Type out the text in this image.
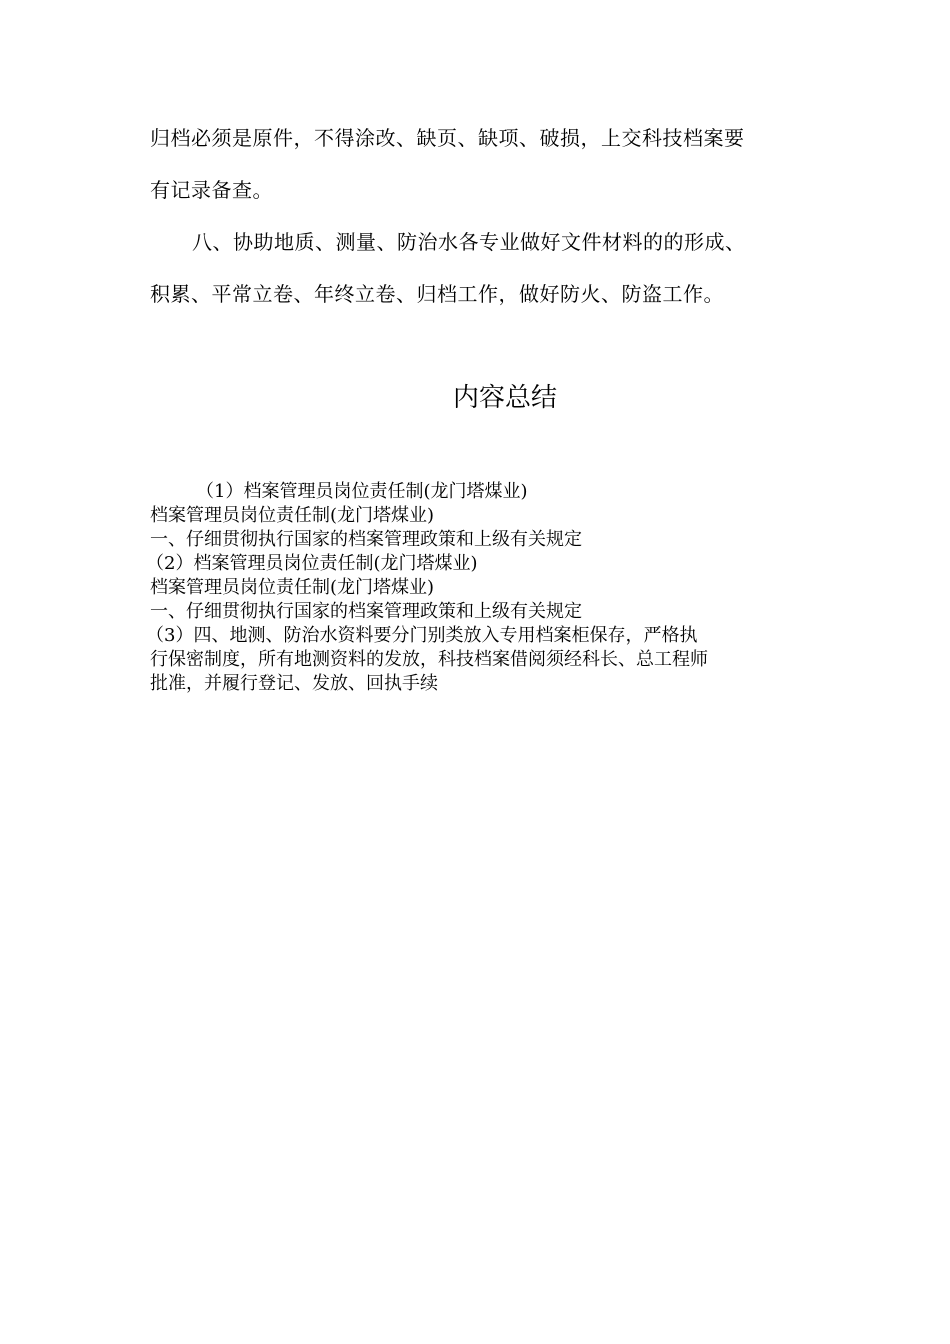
归档必须是原件，不得涂改、缺页、缺项、破损，上交科技档案要

有记录备查。

八、协助地质、测量、防治水各专业做好文件材料的的形成、

积累、平常立卷、年终立卷、归档工作，做好防火、防盗工作。

内容总结

（1）档案管理员岗位责任制(龙门塔煤业)

档案管理员岗位责任制(龙门塔煤业)

一、仔细贯彻执行国家的档案管理政策和上级有关规定

（2）档案管理员岗位责任制(龙门塔煤业)

档案管理员岗位责任制(龙门塔煤业)

一、仔细贯彻执行国家的档案管理政策和上级有关规定

（3）四、地测、防治水资料要分门别类放入专用档案柜保存，严格执

行保密制度，所有地测资料的发放，科技档案借阅须经科长、总工程师

批准，并履行登记、发放、回执手续
